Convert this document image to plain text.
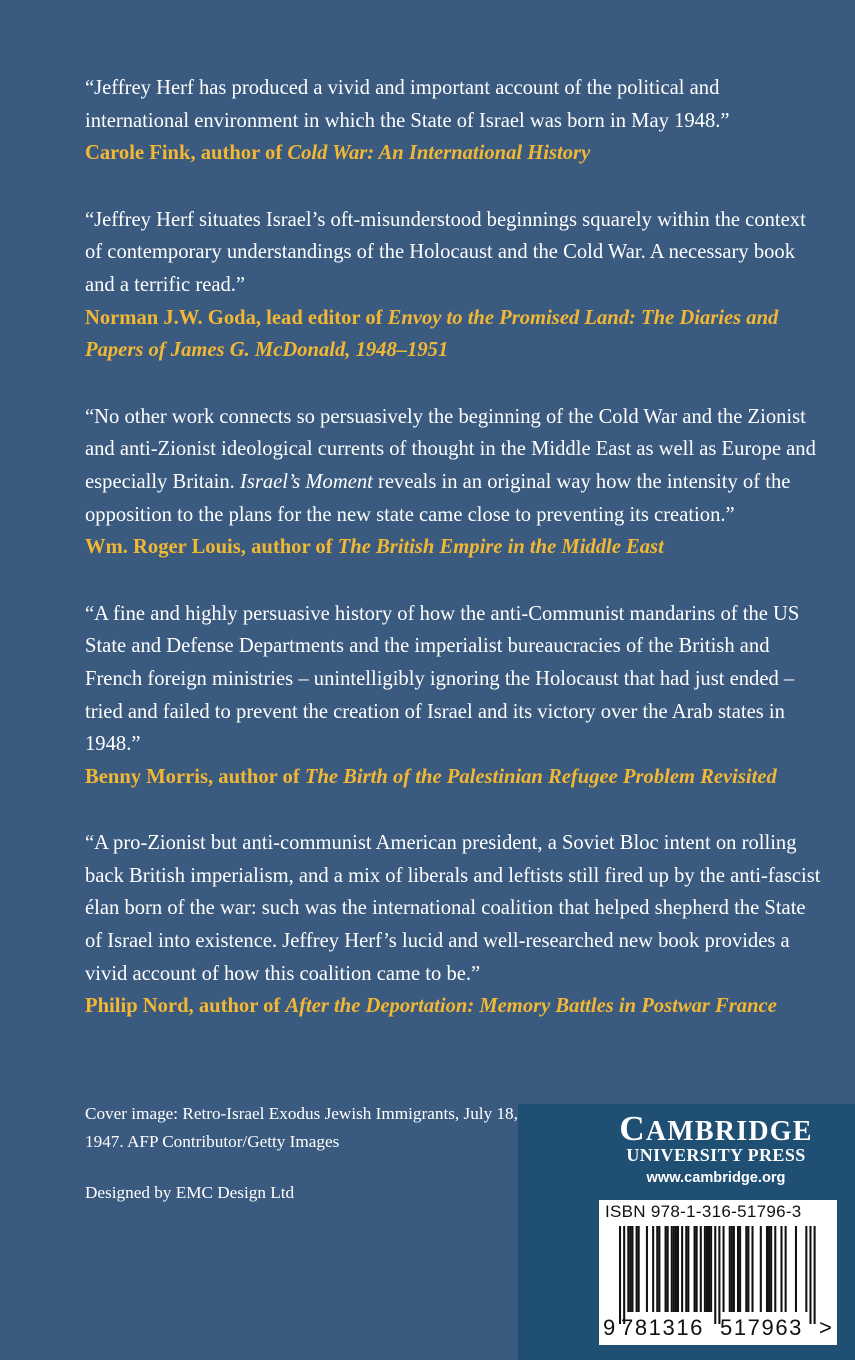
“Jeffrey Herf has produced a vivid and important account of the political and international environment in which the State of Israel was born in May 1948.”

Carole Fink, author of Cold War: An International History

“Jeffrey Herf situates Israel’s oft-misunderstood beginnings squarely within the context of contemporary understandings of the Holocaust and the Cold War. A necessary book and a terrific read.”

Norman J.W. Goda, lead editor of Envoy to the Promised Land: The Diaries and Papers of James G. McDonald, 1948–1951

“No other work connects so persuasively the beginning of the Cold War and the Zionist and anti-Zionist ideological currents of thought in the Middle East as well as Europe and especially Britain. Israel’s Moment reveals in an original way how the intensity of the opposition to the plans for the new state came close to preventing its creation.”

Wm. Roger Louis, author of The British Empire in the Middle East

“A fine and highly persuasive history of how the anti-Communist mandarins of the US State and Defense Departments and the imperialist bureaucracies of the British and French foreign ministries – unintelligibly ignoring the Holocaust that had just ended – tried and failed to prevent the creation of Israel and its victory over the Arab states in 1948.”

Benny Morris, author of The Birth of the Palestinian Refugee Problem Revisited

“A pro-Zionist but anti-communist American president, a Soviet Bloc intent on rolling back British imperialism, and a mix of liberals and leftists still fired up by the anti-fascist élan born of the war: such was the international coalition that helped shepherd the State of Israel into existence. Jeffrey Herf’s lucid and well-researched new book provides a vivid account of how this coalition came to be.”

Philip Nord, author of After the Deportation: Memory Battles in Postwar France

Cover image: Retro-Israel Exodus Jewish Immigrants, July 18, 1947. AFP Contributor/Getty Images

Designed by EMC Design Ltd

CAMBRIDGE
UNIVERSITY PRESS
www.cambridge.org
ISBN 978-1-316-51796-3
9 781316 517963 >
